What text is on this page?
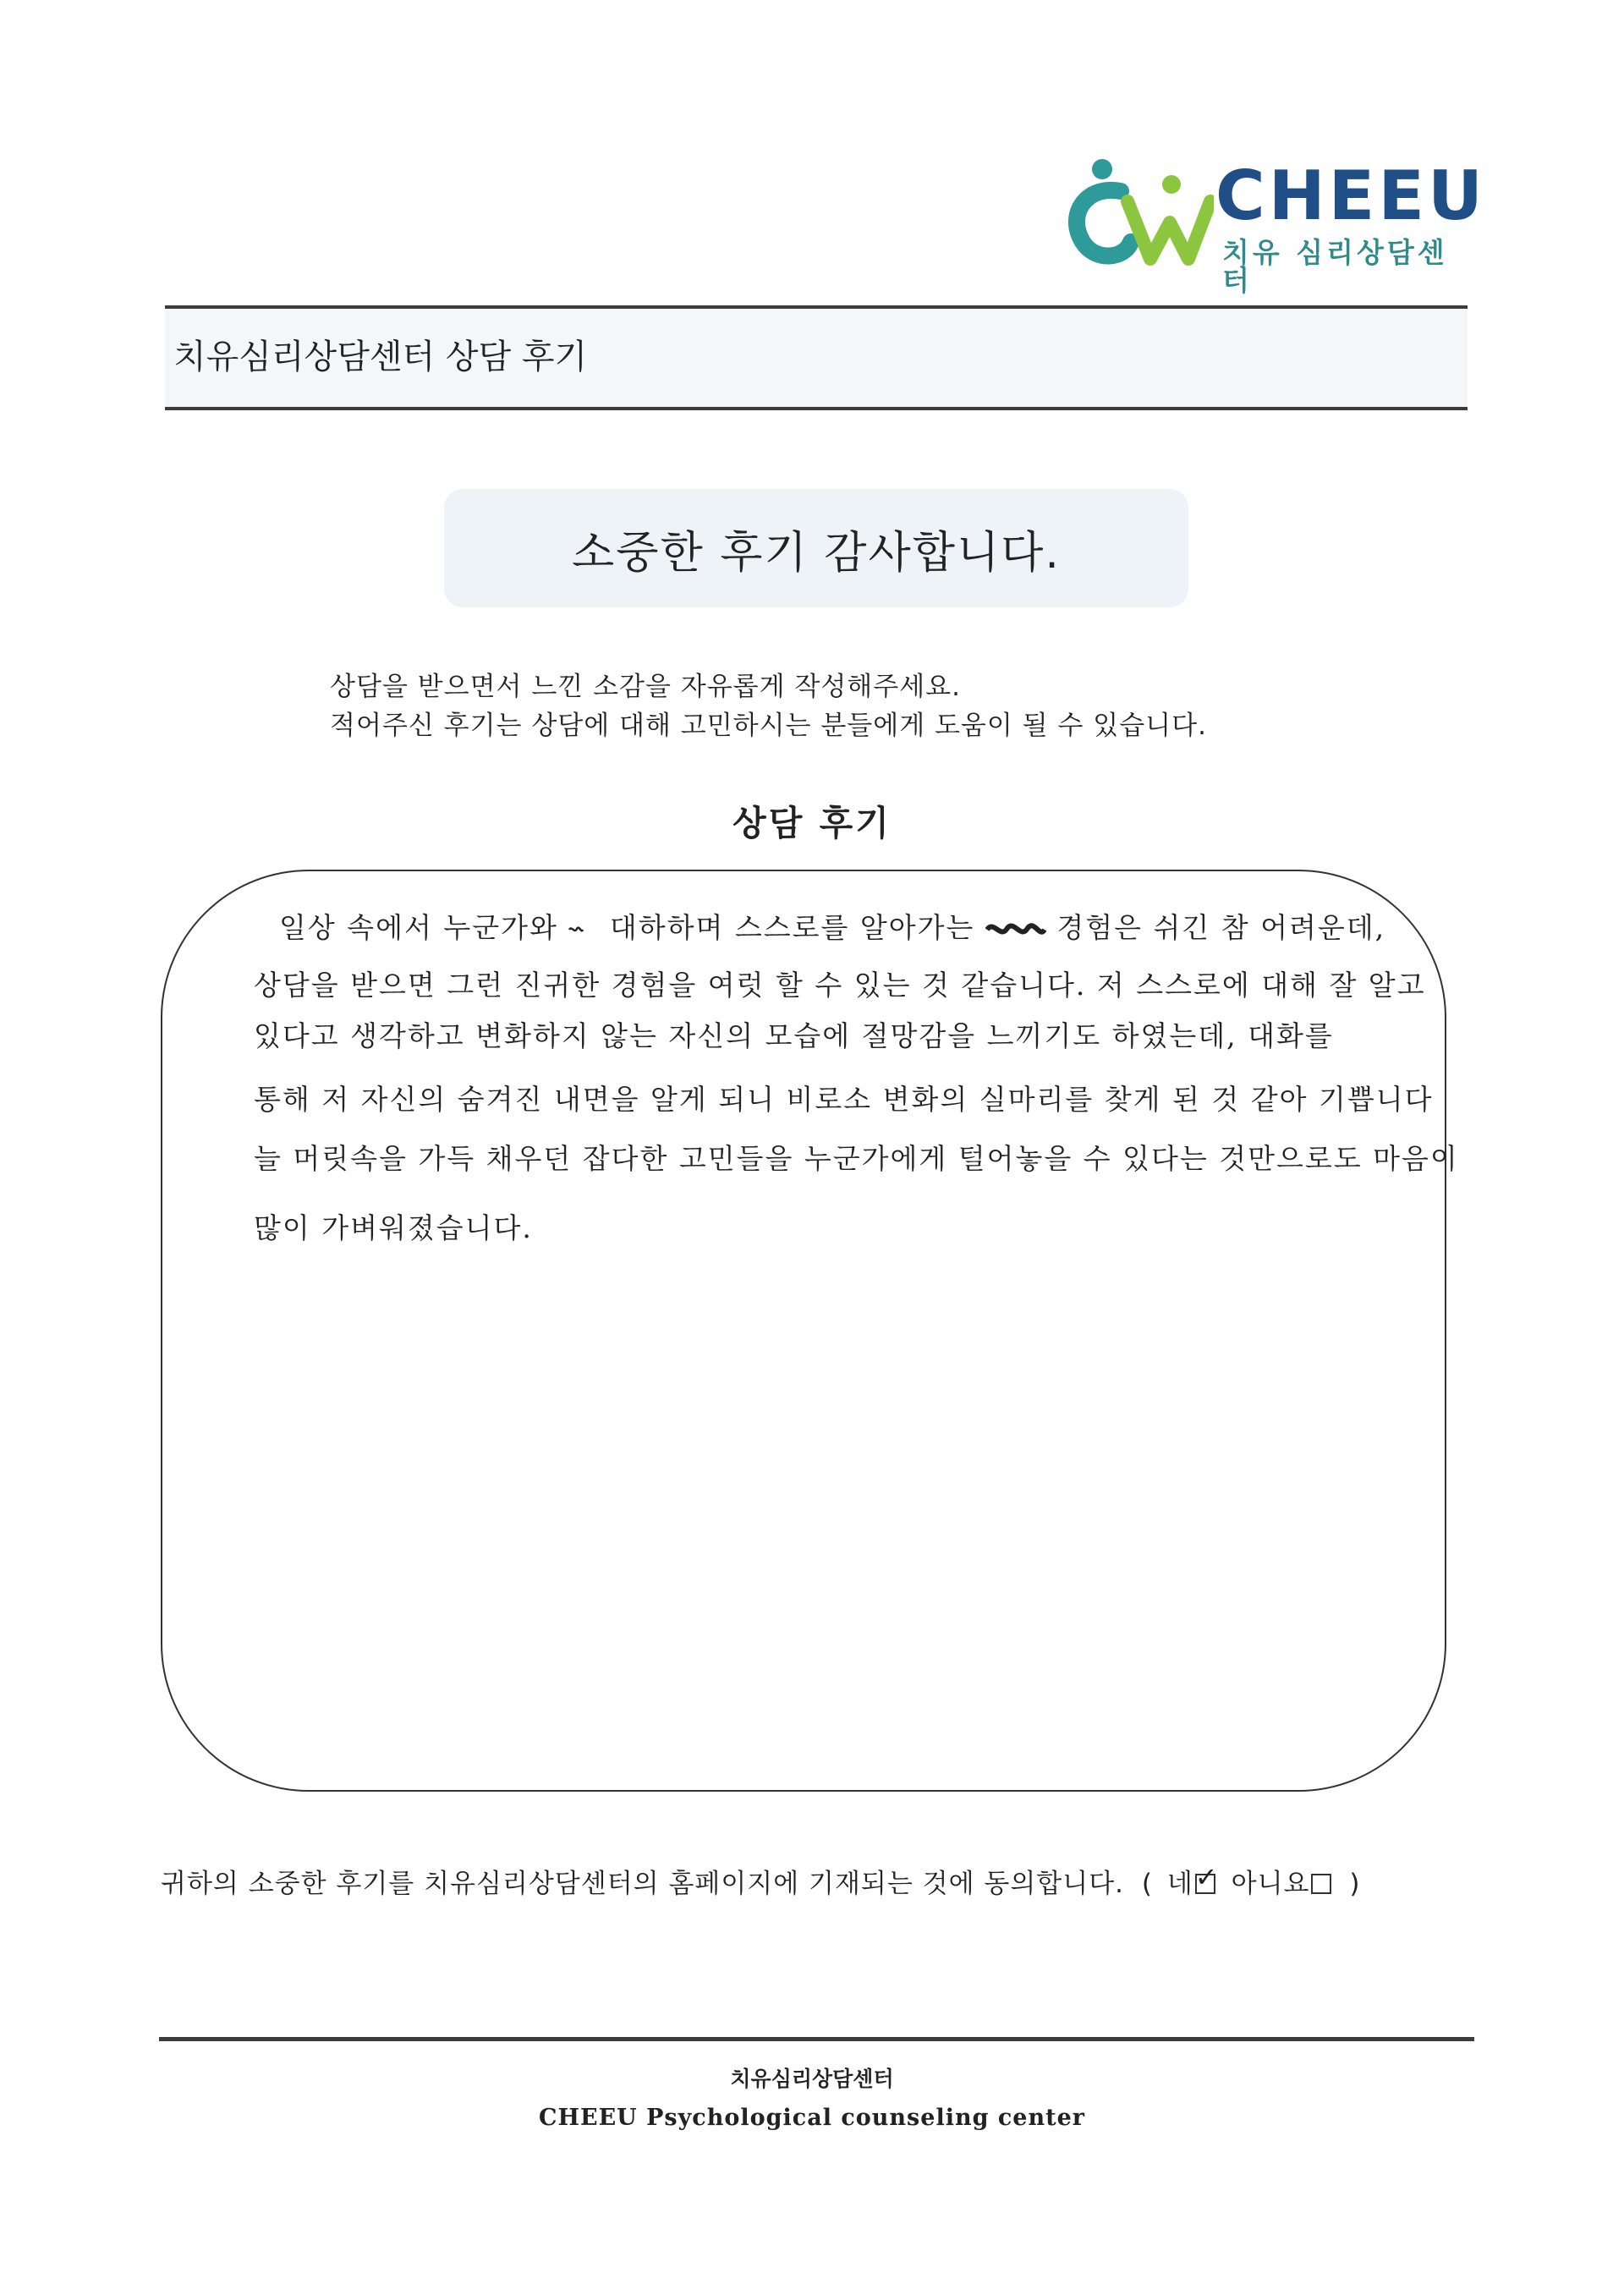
CHEEU
치유 심리상담센터
치유심리상담센터 상담 후기
소중한 후기 감사합니다.
상담을 받으면서 느낀 소감을 자유롭게 작성해주세요.
적어주신 후기는 상담에 대해 고민하시는 분들에게 도움이 될 수 있습니다.
상담 후기
일상 속에서 누군가와 대하하며 스스로를 알아가는	경험은 쉬긴 참 어려운데,
상담을 받으면 그런 진귀한 경험을 여럿 할 수 있는 것 같습니다. 저 스스로에 대해 잘 알고
있다고 생각하고 변화하지 않는 자신의 모습에 절망감을 느끼기도 하였는데, 대화를
통해 저 자신의 숨겨진 내면을 알게 되니 비로소 변화의 실마리를 찾게 된 것 같아 기쁩니다
늘 머릿속을 가득 채우던 잡다한 고민들을 누군가에게 털어놓을 수 있다는 것만으로도 마음이
많이 가벼워졌습니다.
귀하의 소중한 후기를 치유심리상담센터의 홈페이지에 기재되는 것에 동의합니다. ( 네 ✓ 아니요 )
치유심리상담센터
CHEEU Psychological counseling center
